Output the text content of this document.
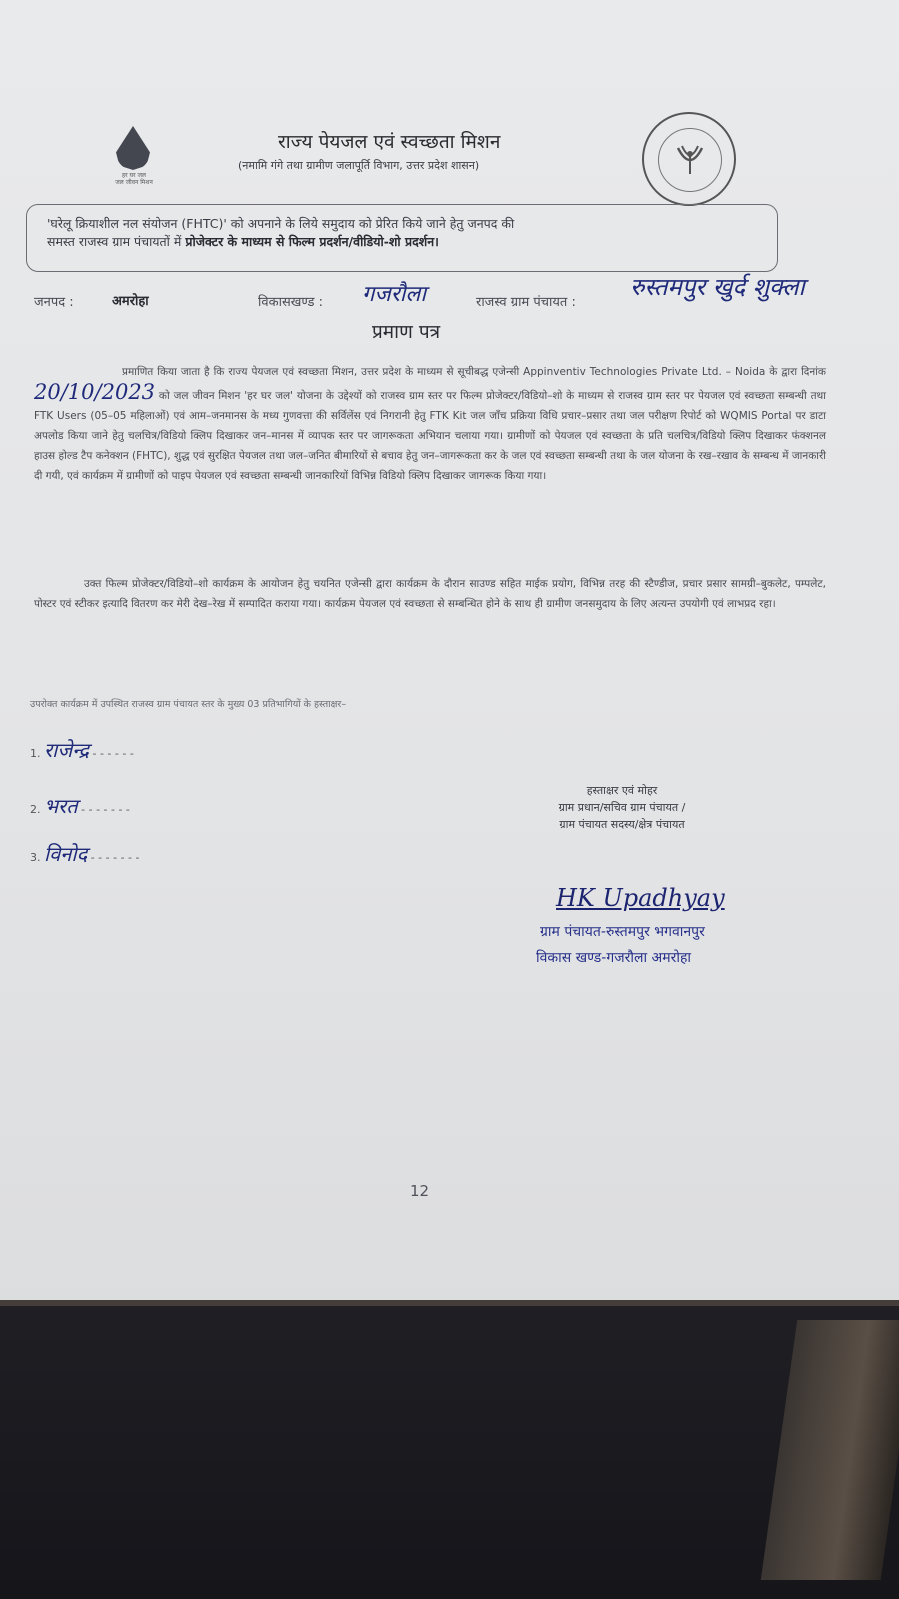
हर घर जल
जल जीवन मिशन
राज्य पेयजल एवं स्वच्छता मिशन
(नमामि गंगे तथा ग्रामीण जलापूर्ति विभाग, उत्तर प्रदेश शासन)
'घरेलू क्रियाशील नल संयोजन (FHTC)' को अपनाने के लिये समुदाय को प्रेरित किये जाने हेतु जनपद की
समस्त राजस्व ग्राम पंचायतों में प्रोजेक्टर के माध्यम से फिल्म प्रदर्शन/वीडियो-शो प्रदर्शन।
जनपद :	अमरोहा	विकासखण्ड : गजरौला	राजस्व ग्राम पंचायत :
रुस्तमपुर खुर्द शुक्ला
प्रमाण पत्र
प्रमाणित किया जाता है कि राज्य पेयजल एवं स्वच्छता मिशन, उत्तर प्रदेश के माध्यम से सूचीबद्ध एजेन्सी Appinventiv Technologies Private Ltd. – Noida के द्वारा दिनांक 20/10/2023 को जल जीवन मिशन 'हर घर जल' योजना के उद्देश्यों को राजस्व ग्राम स्तर पर फिल्म प्रोजेक्टर/विडियो–शो के माध्यम से राजस्व ग्राम स्तर पर पेयजल एवं स्वच्छता सम्बन्धी तथा FTK Users (05–05 महिलाओं) एवं आम–जनमानस के मध्य गुणवत्ता की सर्विलेंस एवं निगरानी हेतु FTK Kit जल जाँच प्रक्रिया विधि प्रचार–प्रसार तथा जल परीक्षण रिपोर्ट को WQMIS Portal पर डाटा अपलोड किया जाने हेतु चलचित्र/विडियो क्लिप दिखाकर जन–मानस में व्यापक स्तर पर जागरूकता अभियान चलाया गया। ग्रामीणों को पेयजल एवं स्वच्छता के प्रति चलचित्र/विडियो क्लिप दिखाकर फंक्शनल हाउस होल्ड टैप कनेक्शन (FHTC), शुद्ध एवं सुरक्षित पेयजल तथा जल–जनित बीमारियों से बचाव हेतु जन–जागरूकता कर के जल एवं स्वच्छता सम्बन्धी तथा के जल योजना के रख–रखाव के सम्बन्ध में जानकारी दी गयी, एवं कार्यक्रम में ग्रामीणों को पाइप पेयजल एवं स्वच्छता सम्बन्धी जानकारियों विभिन्न विडियो क्लिप दिखाकर जागरूक किया गया।
उक्त फिल्म प्रोजेक्टर/विडियो–शो कार्यक्रम के आयोजन हेतु चयनित एजेन्सी द्वारा कार्यक्रम के दौरान साउण्ड सहित माईक प्रयोग, विभिन्न तरह की स्टैण्डीज, प्रचार प्रसार सामग्री–बुकलेट, पम्पलेट, पोस्टर एवं स्टीकर इत्यादि वितरण कर मेरी देख–रेख में सम्पादित कराया गया। कार्यक्रम पेयजल एवं स्वच्छता से सम्बन्धित होने के साथ ही ग्रामीण जनसमुदाय के लिए अत्यन्त उपयोगी एवं लाभप्रद रहा।
उपरोक्त कार्यक्रम में उपस्थित राजस्व ग्राम पंचायत स्तर के मुख्य 03 प्रतिभागियों के हस्ताक्षर–
1. राजेन्द्र - - - - - -
2. भरत - - - - - - -
3. विनोद - - - - - - -
हस्ताक्षर एवं मोहर
ग्राम प्रधान/सचिव ग्राम पंचायत /
ग्राम पंचायत सदस्य/क्षेत्र पंचायत
HK Upadhyay
ग्राम पंचायत-रुस्तमपुर भगवानपुर
विकास खण्ड-गजरौला अमरोहा
12
